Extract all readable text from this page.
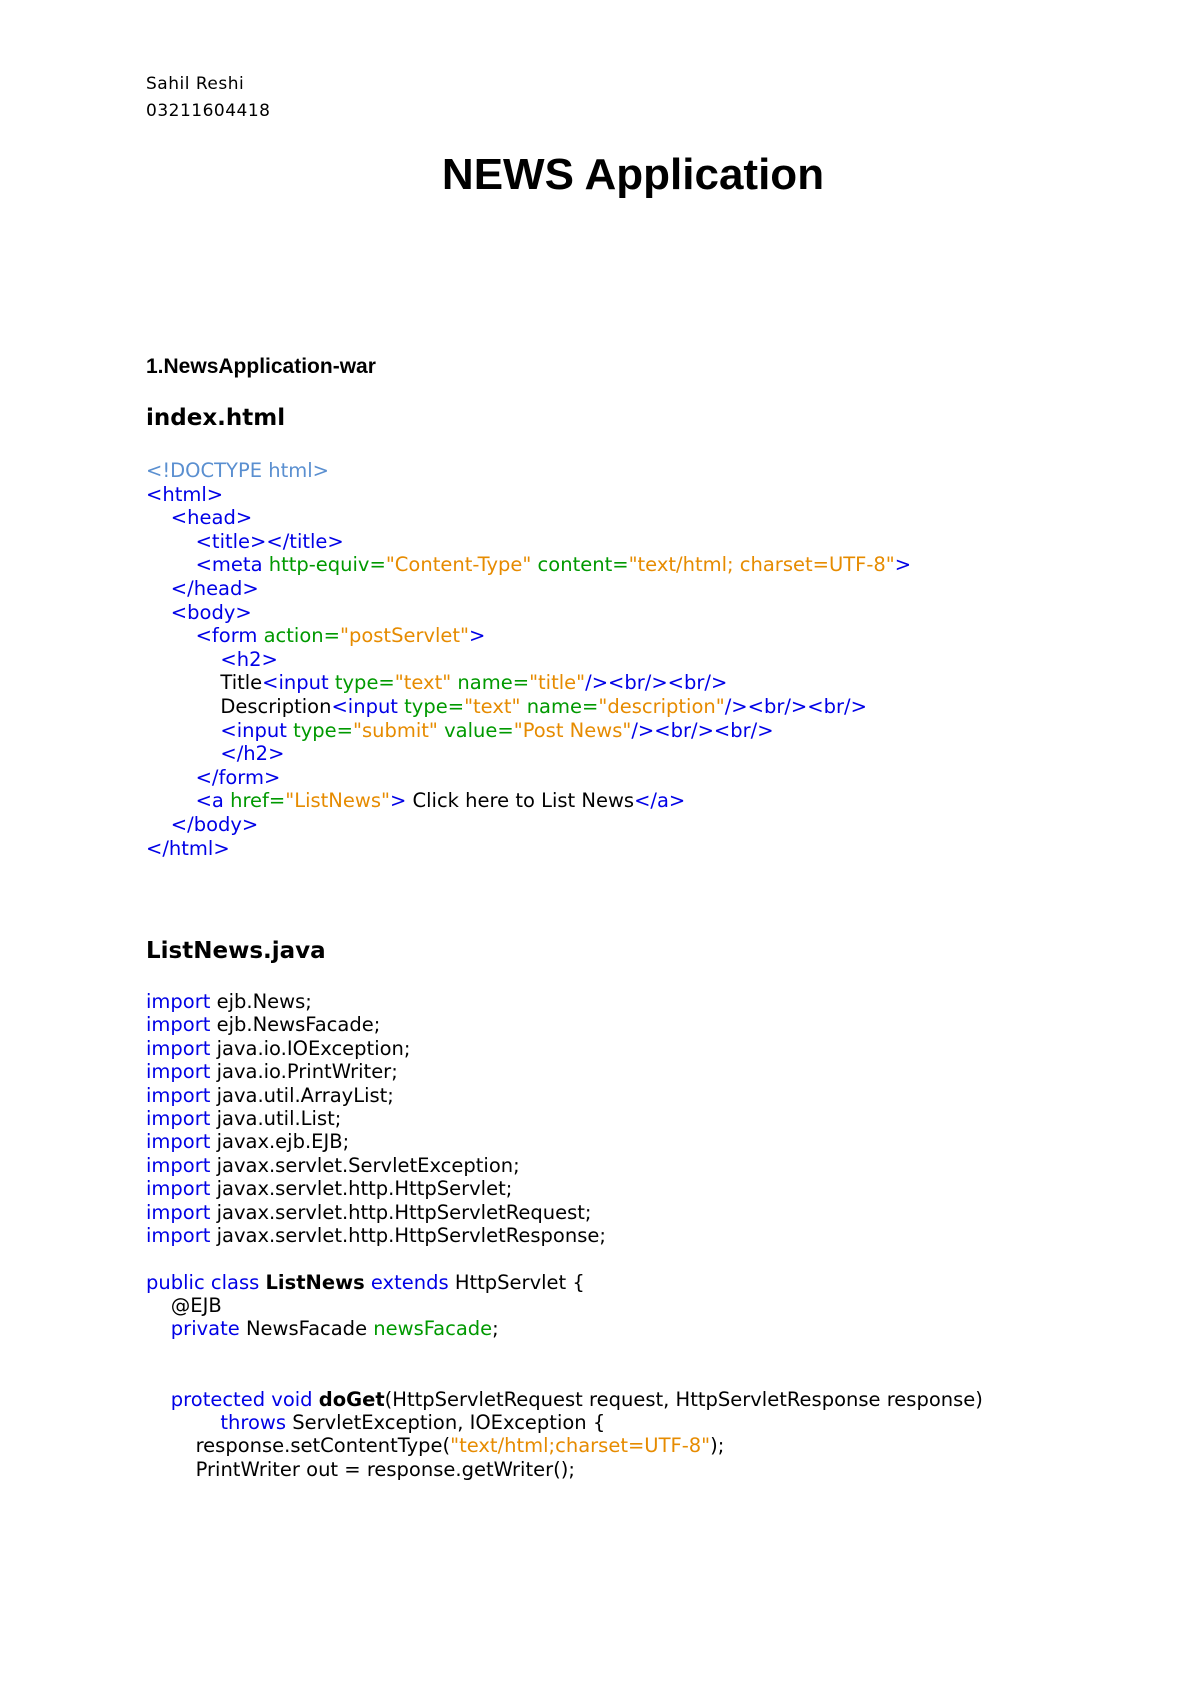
Sahil Reshi
03211604418
NEWS Application
1.NewsApplication-war
index.html
<!DOCTYPE html>
<html>
<head>
<title></title>
<meta http-equiv="Content-Type" content="text/html; charset=UTF-8">
</head>
<body>
<form action="postServlet">
<h2>
Title<input type="text" name="title"/><br/><br/>
Description<input type="text" name="description"/><br/><br/>
<input type="submit" value="Post News"/><br/><br/>
</h2>
</form>
<a href="ListNews"> Click here to List News</a>
</body>
</html>
ListNews.java
import ejb.News;
import ejb.NewsFacade;
import java.io.IOException;
import java.io.PrintWriter;
import java.util.ArrayList;
import java.util.List;
import javax.ejb.EJB;
import javax.servlet.ServletException;
import javax.servlet.http.HttpServlet;
import javax.servlet.http.HttpServletRequest;
import javax.servlet.http.HttpServletResponse;
public class ListNews extends HttpServlet {
@EJB
private NewsFacade newsFacade;
protected void doGet(HttpServletRequest request, HttpServletResponse response)
throws ServletException, IOException {
response.setContentType("text/html;charset=UTF-8");
PrintWriter out = response.getWriter();
